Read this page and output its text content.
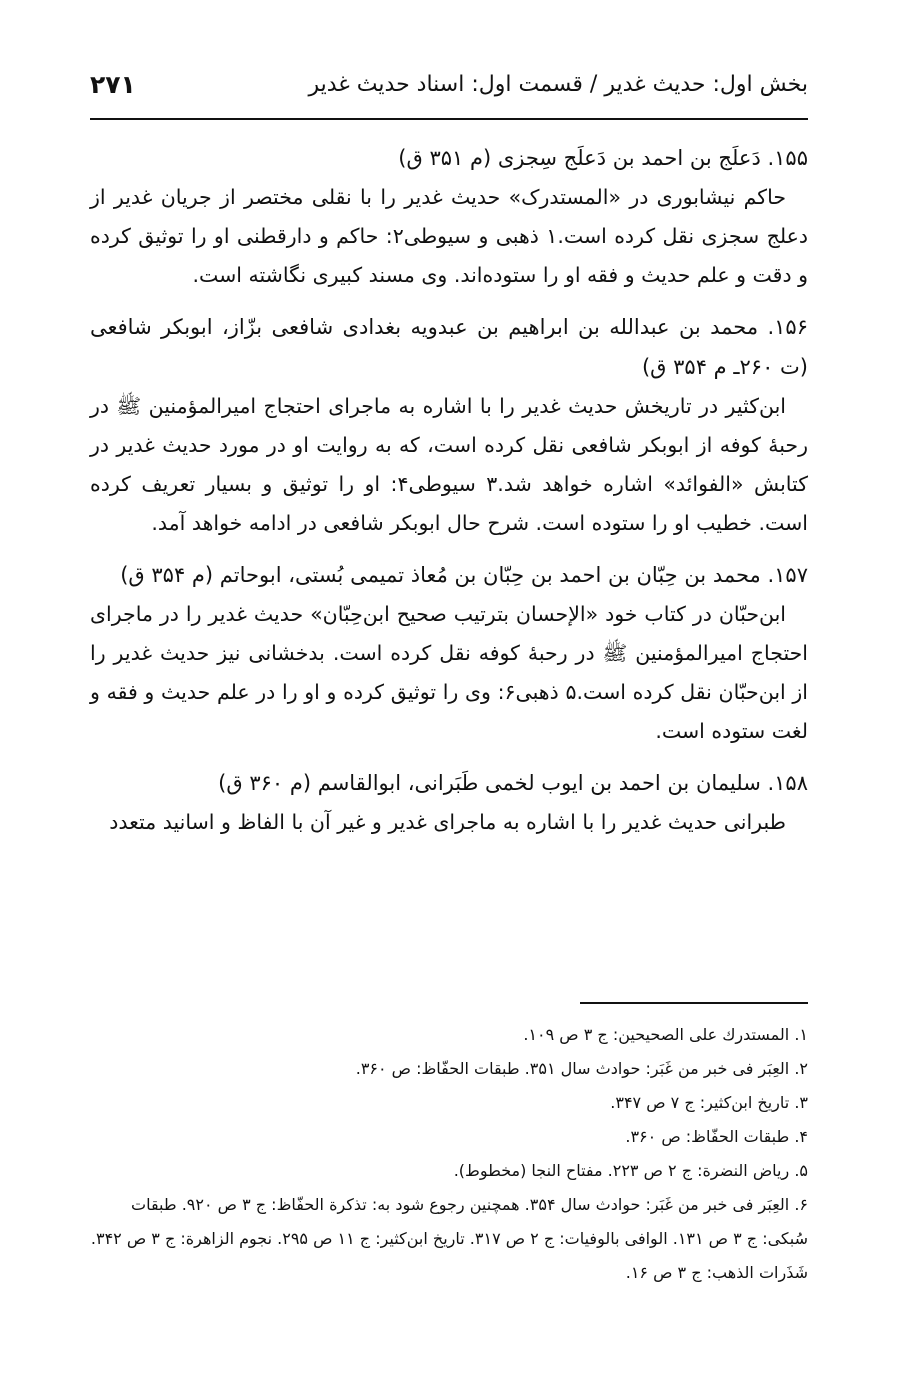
بخش اول: حدیث غدیر / قسمت اول: اسناد حدیث غدیر
۲۷۱

۱۵۵. دَعلَج بن احمد بن دَعلَج سِجزی (م ۳۵۱ ق)

حاکم نیشابوری در «المستدرک» حدیث غدیر را با نقلی مختصر از جریان غدیر از دعلج سجزی نقل کرده است.۱ ذهبی و سیوطی۲: حاکم و دارقطنی او را توثیق کرده و دقت و علم حدیث و فقه او را ستوده‌اند. وی مسند کبیری نگاشته است.

۱۵۶. محمد بن عبدالله بن ابراهیم بن عبدویه بغدادی شافعی بزّاز، ابوبکر شافعی (ت ۲۶۰ـ م ۳۵۴ ق)

ابن‌کثیر در تاریخش حدیث غدیر را با اشاره به ماجرای احتجاج امیرالمؤمنین ﷺ در رحبهٔ کوفه از ابوبکر شافعی نقل کرده است، که به روایت او در مورد حدیث غدیر در کتابش «الفوائد» اشاره خواهد شد.۳ سیوطی۴: او را توثیق و بسیار تعریف کرده است. خطیب او را ستوده است. شرح حال ابوبکر شافعی در ادامه خواهد آمد.

۱۵۷. محمد بن حِبّان بن احمد بن حِبّان بن مُعاذ تمیمی بُستی، ابوحاتم (م ۳۵۴ ق)

ابن‌حبّان در کتاب خود «الإحسان بترتیب صحیح ابن‌حِبّان» حدیث غدیر را در ماجرای احتجاج امیرالمؤمنین ﷺ در رحبهٔ کوفه نقل کرده است. بدخشانی نیز حدیث غدیر را از ابن‌حبّان نقل کرده است.۵ ذهبی۶: وی را توثیق کرده و او را در علم حدیث و فقه و لغت ستوده است.

۱۵۸. سلیمان بن احمد بن ایوب لخمی طَبَرانی، ابوالقاسم (م ۳۶۰ ق)

طبرانی حدیث غدیر را با اشاره به ماجرای غدیر و غیر آن با الفاظ و اسانید متعدد

۱. المستدرك على الصحيحين: ج ۳ ص ۱۰۹.

۲. العِبَر فى خبر من غَبَر: حوادث سال ۳۵۱. طبقات الحفّاظ: ص ۳۶۰.

۳. تاریخ ابن‌کثیر: ج ۷ ص ۳۴۷.

۴. طبقات الحفّاظ: ص ۳۶۰.

۵. ریاض النضرة: ج ۲ ص ۲۲۳. مفتاح النجا (مخطوط).

۶. العِبَر فى خبر من غَبَر: حوادث سال ۳۵۴. همچنین رجوع شود به: تذكرة الحفّاظ: ج ۳ ص ۹۲۰. طبقات سُبكى: ج ۳ ص ۱۳۱. الوافى بالوفيات: ج ۲ ص ۳۱۷. تاریخ ابن‌کثیر: ج ۱۱ ص ۲۹۵. نجوم الزاهرة: ج ۳ ص ۳۴۲. شَذَرات الذهب: ج ۳ ص ۱۶.
